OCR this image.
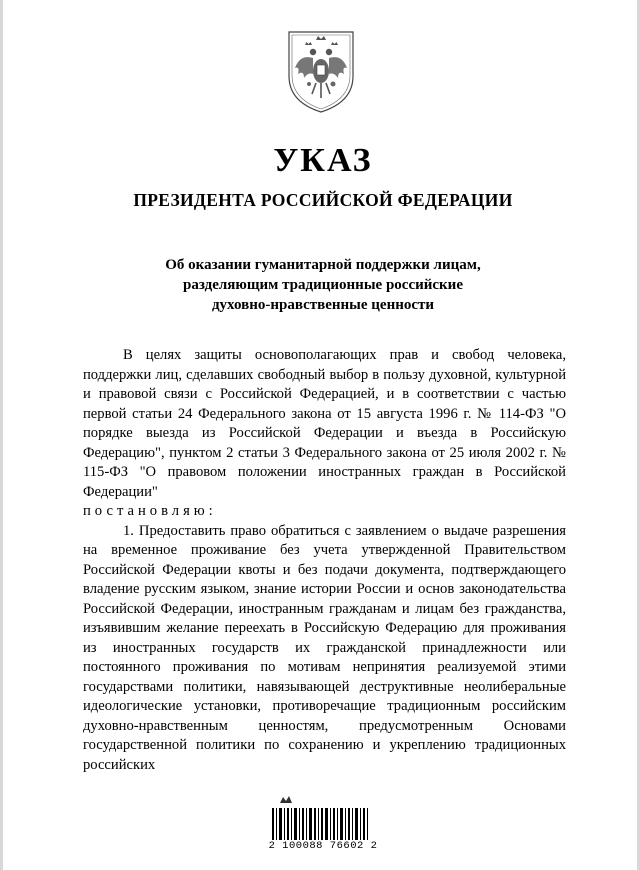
УКАЗ
ПРЕЗИДЕНТА РОССИЙСКОЙ ФЕДЕРАЦИИ
Об оказании гуманитарной поддержки лицам,
разделяющим традиционные российские
духовно-нравственные ценности

В целях защиты основополагающих прав и свобод человека, поддержки лиц, сделавших свободный выбор в пользу духовной, культурной и правовой связи с Российской Федерацией, и в соответствии с частью первой статьи 24 Федерального закона от 15 августа 1996 г. № 114-ФЗ "О порядке выезда из Российской Федерации и въезда в Российскую Федерацию", пунктом 2 статьи 3 Федерального закона от 25 июля 2002 г. № 115-ФЗ "О правовом положении иностранных граждан в Российской Федерации"

постановляю:

1. Предоставить право обратиться с заявлением о выдаче разрешения на временное проживание без учета утвержденной Правительством Российской Федерации квоты и без подачи документа, подтверждающего владение русским языком, знание истории России и основ законодательства Российской Федерации, иностранным гражданам и лицам без гражданства, изъявившим желание переехать в Российскую Федерацию для проживания из иностранных государств их гражданской принадлежности или постоянного проживания по мотивам непринятия реализуемой этими государствами политики, навязывающей деструктивные неолиберальные идеологические установки, противоречащие традиционным российским духовно-нравственным ценностям, предусмотренным Основами государственной политики по сохранению и укреплению традиционных российских

2 100088 76602 2
